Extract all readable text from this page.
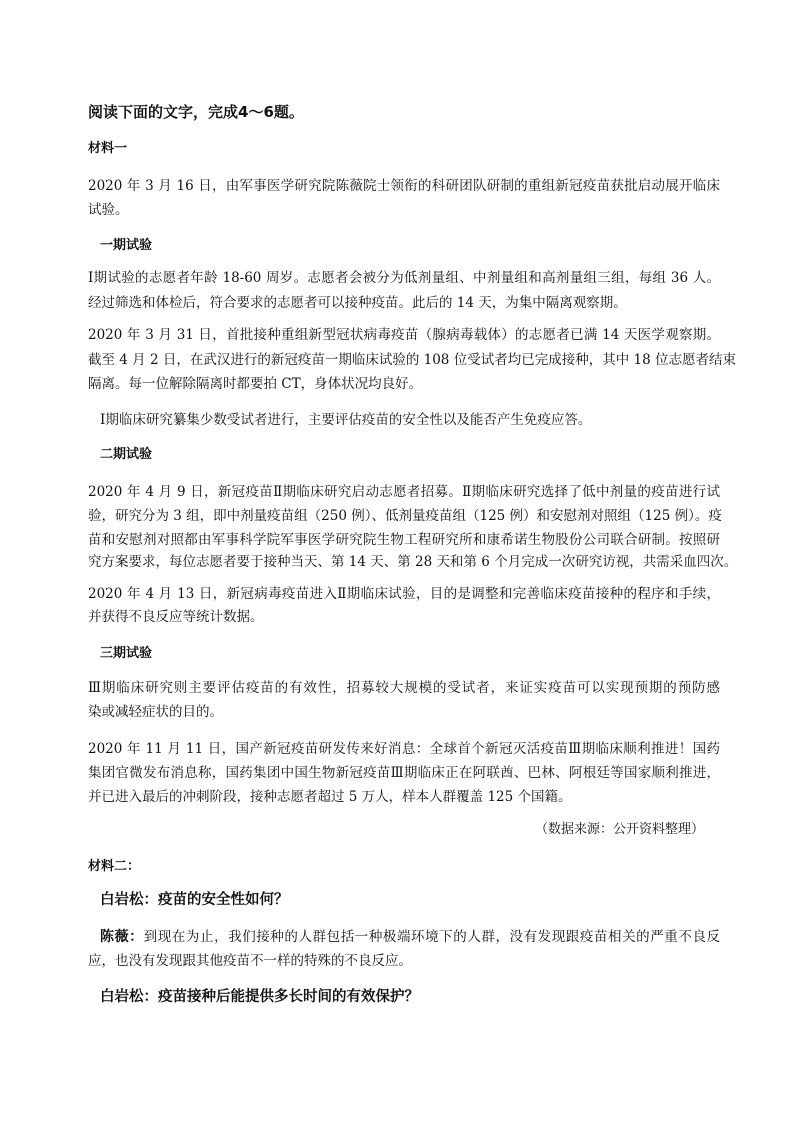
阅读下面的文字，完成4～6题。
材料一
2020 年 3 月 16 日，由军事医学研究院陈薇院士领衔的科研团队研制的重组新冠疫苗获批启动展开临床
试验。
一期试验
Ⅰ期试验的志愿者年龄 18-60 周岁。志愿者会被分为低剂量组、中剂量组和高剂量组三组，每组 36 人。
经过筛选和体检后，符合要求的志愿者可以接种疫苗。此后的 14 天，为集中隔离观察期。
2020 年 3 月 31 日，首批接种重组新型冠状病毒疫苗（腺病毒载体）的志愿者已满 14 天医学观察期。
截至 4 月 2 日，在武汉进行的新冠疫苗一期临床试验的 108 位受试者均已完成接种，其中 18 位志愿者结束
隔离。每一位解除隔离时都要拍 CT，身体状况均良好。
Ⅰ期临床研究纂集少数受试者进行，主要评估疫苗的安全性以及能否产生免疫应答。
二期试验
2020 年 4 月 9 日，新冠疫苗Ⅱ期临床研究启动志愿者招募。Ⅱ期临床研究选择了低中剂量的疫苗进行试
验，研究分为 3 组，即中剂量疫苗组（250 例）、低剂量疫苗组（125 例）和安慰剂对照组（125 例）。疫
苗和安慰剂对照都由军事科学院军事医学研究院生物工程研究所和康希诺生物股份公司联合研制。按照研
究方案要求，每位志愿者要于接种当天、第 14 天、第 28 天和第 6 个月完成一次研究访视，共需采血四次。
2020 年 4 月 13 日，新冠病毒疫苗进入Ⅱ期临床试验，目的是调整和完善临床疫苗接种的程序和手续，
并获得不良反应等统计数据。
三期试验
Ⅲ期临床研究则主要评估疫苗的有效性，招募较大规模的受试者，来证实疫苗可以实现预期的预防感
染或减轻症状的目的。
2020 年 11 月 11 日，国产新冠疫苗研发传来好消息：全球首个新冠灭活疫苗Ⅲ期临床顺利推进！国药
集团官微发布消息称，国药集团中国生物新冠疫苗Ⅲ期临床正在阿联酋、巴林、阿根廷等国家顺利推进，
并已进入最后的冲刺阶段，接种志愿者超过 5 万人，样本人群覆盖 125 个国籍。
（数据来源：公开资料整理）
材料二：
白岩松：疫苗的安全性如何？
陈薇：到现在为止，我们接种的人群包括一种极端环境下的人群，没有发现跟疫苗相关的严重不良反
应，也没有发现跟其他疫苗不一样的特殊的不良反应。
白岩松：疫苗接种后能提供多长时间的有效保护？
